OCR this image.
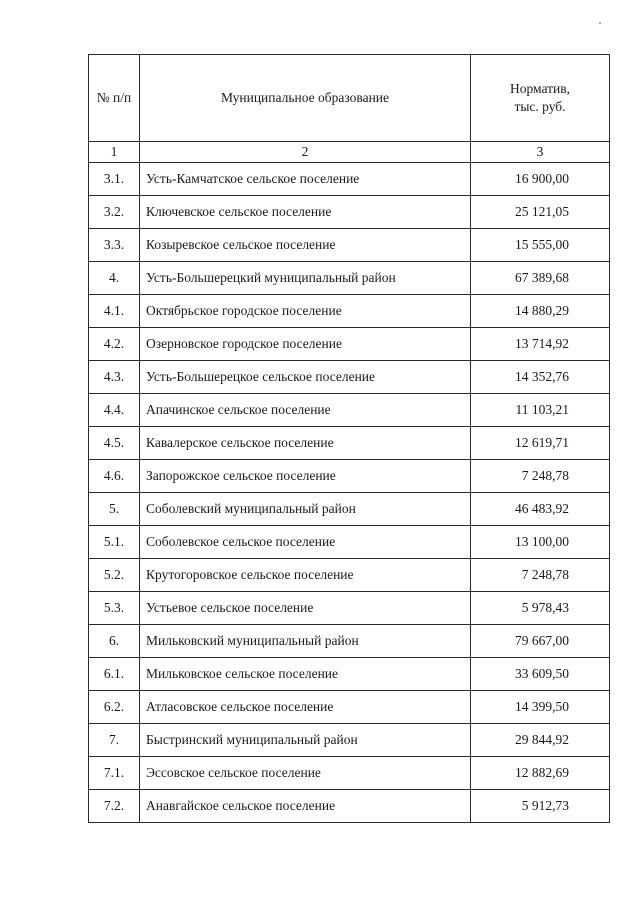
№ п/п	Муниципальное образование	Норматив,
тыс. руб.

1	2	3
3.1.	Усть-Камчатское сельское поселение	16 900,00
3.2.	Ключевское сельское поселение	25 121,05
3.3.	Козыревское сельское поселение	15 555,00
4.	Усть-Большерецкий муниципальный район	67 389,68
4.1.	Октябрьское городское поселение	14 880,29
4.2.	Озерновское городское поселение	13 714,92
4.3.	Усть-Большерецкое сельское поселение	14 352,76
4.4.	Апачинское сельское поселение	11 103,21
4.5.	Кавалерское сельское поселение	12 619,71
4.6.	Запорожское сельское поселение	7 248,78
5.	Соболевский муниципальный район	46 483,92
5.1.	Соболевское сельское поселение	13 100,00
5.2.	Крутогоровское сельское поселение	7 248,78
5.3.	Устьевое сельское поселение	5 978,43
6.	Мильковский муниципальный район	79 667,00
6.1.	Мильковское сельское поселение	33 609,50
6.2.	Атласовское сельское поселение	14 399,50
7.	Быстринский муниципальный район	29 844,92
7.1.	Эссовское сельское поселение	12 882,69
7.2.	Анавгайское сельское поселение	5 912,73
